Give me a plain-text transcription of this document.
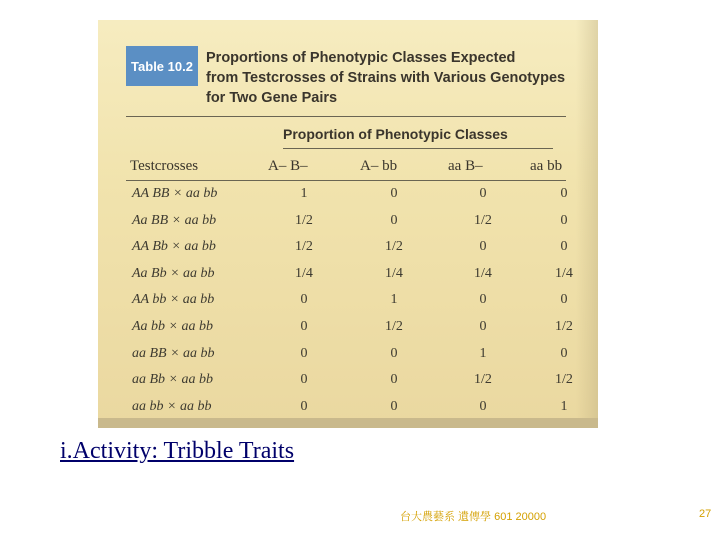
Table 10.2 Proportions of Phenotypic Classes Expected
from Testcrosses of Strains with Various Genotypes
for Two Gene Pairs
Proportion of Phenotypic Classes
Testcrosses	A– B–	A– bb	aa B–	aa bb
AA BB × aa bb	1	0	0	0
Aa BB × aa bb	1/2	0	1/2	0
AA Bb × aa bb	1/2	1/2	0	0
Aa Bb × aa bb	1/4	1/4	1/4	1/4
AA bb × aa bb	0	1	0	0
Aa bb × aa bb	0	1/2	0	1/2
aa BB × aa bb	0	0	1	0
aa Bb × aa bb	0	0	1/2	1/2
aa bb × aa bb	0	0	0	1
i.Activity: Tribble Traits
台大農藝系 遺傳學 601 20000	27
